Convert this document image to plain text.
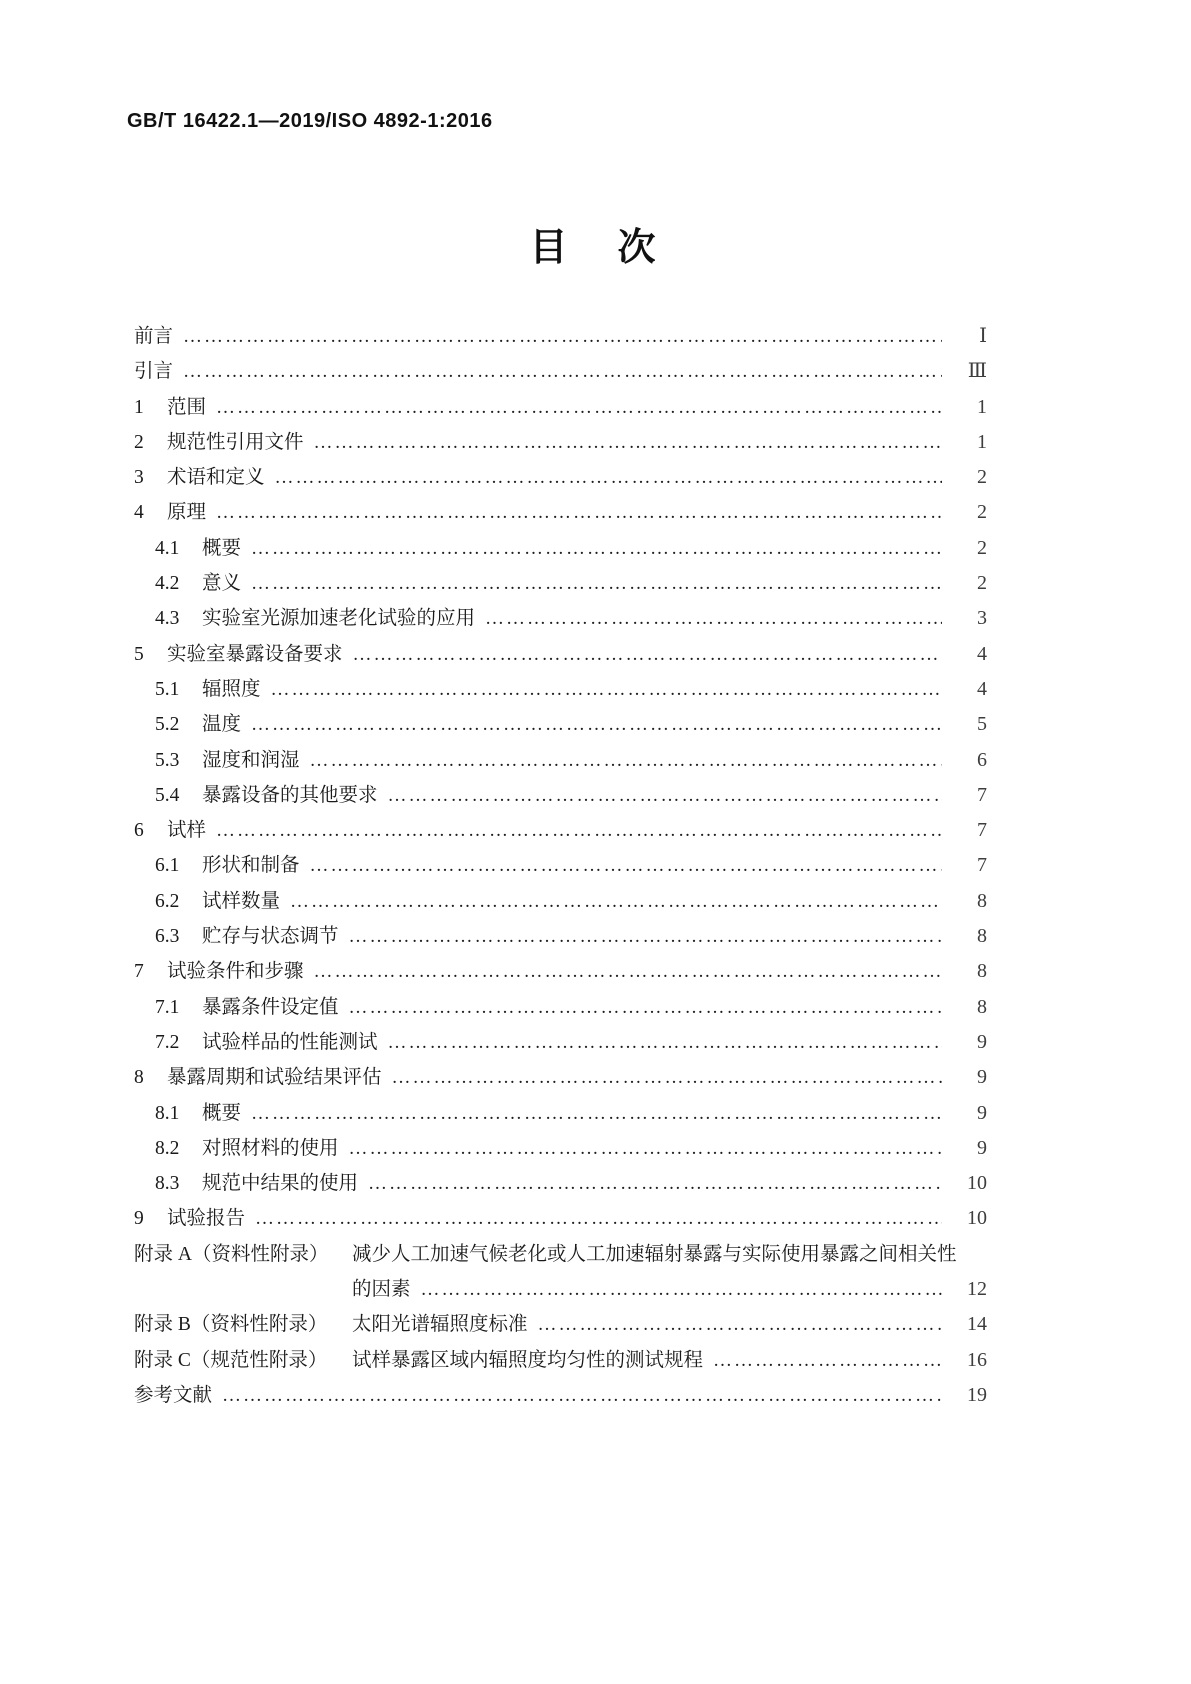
GB/T 16422.1—2019/ISO 4892-1:2016
目　次
前言 …………………………………………………………………………………………………………………………………………………………………………………………	Ⅰ
引言 …………………………………………………………………………………………………………………………………………………………………………………………	Ⅲ
1	范围 …………………………………………………………………………………………………………………………………………………………………………………………	1
2	规范性引用文件 …………………………………………………………………………………………………………………………………………………………………………………………	1
3	术语和定义 …………………………………………………………………………………………………………………………………………………………………………………………	2
4	原理 …………………………………………………………………………………………………………………………………………………………………………………………	2
4.1	概要 …………………………………………………………………………………………………………………………………………………………………………………………	2
4.2	意义 …………………………………………………………………………………………………………………………………………………………………………………………	2
4.3	实验室光源加速老化试验的应用 …………………………………………………………………………………………………………………………………………………………………………………………	3
5	实验室暴露设备要求 …………………………………………………………………………………………………………………………………………………………………………………………	4
5.1	辐照度 …………………………………………………………………………………………………………………………………………………………………………………………	4
5.2	温度 …………………………………………………………………………………………………………………………………………………………………………………………	5
5.3	湿度和润湿 …………………………………………………………………………………………………………………………………………………………………………………………	6
5.4	暴露设备的其他要求 …………………………………………………………………………………………………………………………………………………………………………………………	7
6	试样 …………………………………………………………………………………………………………………………………………………………………………………………	7
6.1	形状和制备 …………………………………………………………………………………………………………………………………………………………………………………………	7
6.2	试样数量 …………………………………………………………………………………………………………………………………………………………………………………………	8
6.3	贮存与状态调节 …………………………………………………………………………………………………………………………………………………………………………………………	8
7	试验条件和步骤 …………………………………………………………………………………………………………………………………………………………………………………………	8
7.1	暴露条件设定值 …………………………………………………………………………………………………………………………………………………………………………………………	8
7.2	试验样品的性能测试 …………………………………………………………………………………………………………………………………………………………………………………………	9
8	暴露周期和试验结果评估 …………………………………………………………………………………………………………………………………………………………………………………………	9
8.1	概要 …………………………………………………………………………………………………………………………………………………………………………………………	9
8.2	对照材料的使用 …………………………………………………………………………………………………………………………………………………………………………………………	9
8.3	规范中结果的使用 …………………………………………………………………………………………………………………………………………………………………………………………	10
9	试验报告 …………………………………………………………………………………………………………………………………………………………………………………………	10
附录 A（资料性附录）	减少人工加速气候老化或人工加速辐射暴露与实际使用暴露之间相关性
的因素 …………………………………………………………………………………………………………………………………………………………………………………………	12
附录 B（资料性附录）	太阳光谱辐照度标准 …………………………………………………………………………………………………………………………………………………………………………………………	14
附录 C（规范性附录）	试样暴露区域内辐照度均匀性的测试规程 …………………………………………………………………………………………………………………………………………………………………………………………	16
参考文献 …………………………………………………………………………………………………………………………………………………………………………………………	19
